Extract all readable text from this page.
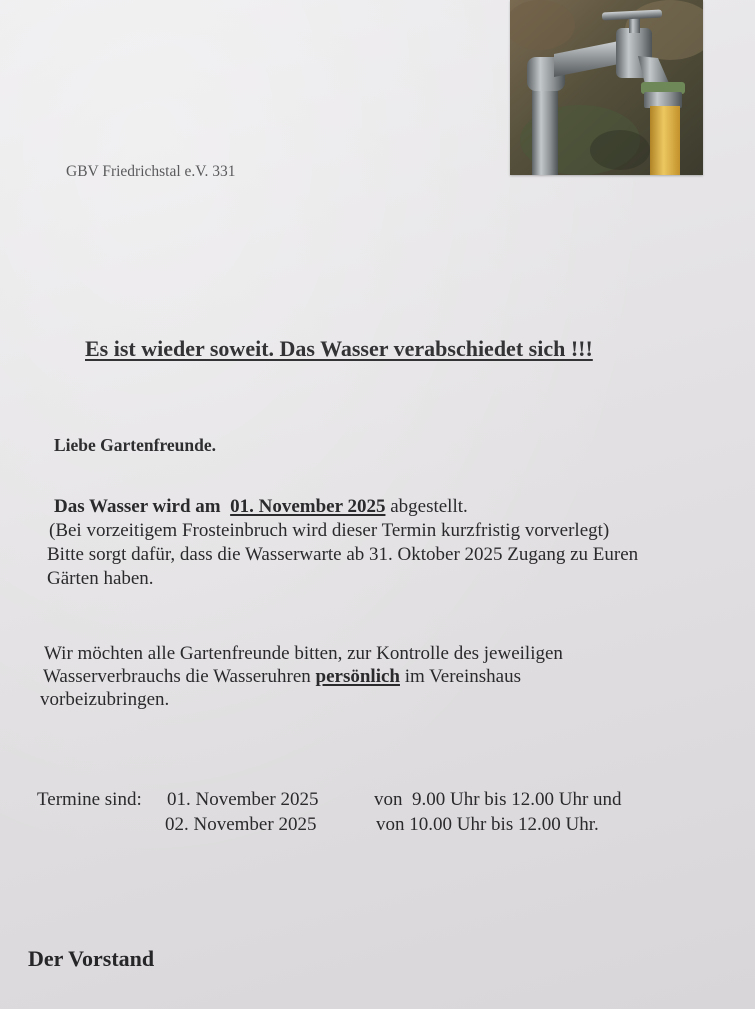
GBV Friedrichstal e.V. 331
Es ist wieder soweit. Das Wasser verabschiedet sich !!!
Liebe Gartenfreunde.
Das Wasser wird am 01. November 2025 abgestellt.
(Bei vorzeitigem Frosteinbruch wird dieser Termin kurzfristig vorverlegt)
Bitte sorgt dafür, dass die Wasserwarte ab 31. Oktober 2025 Zugang zu Euren
Gärten haben.
Wir möchten alle Gartenfreunde bitten, zur Kontrolle des jeweiligen
Wasserverbrauchs die Wasseruhren persönlich im Vereinshaus
vorbeizubringen.
Termine sind: 01. November 2025	von  9.00 Uhr bis 12.00 Uhr und
02. November 2025	von 10.00 Uhr bis 12.00 Uhr.
Der Vorstand
